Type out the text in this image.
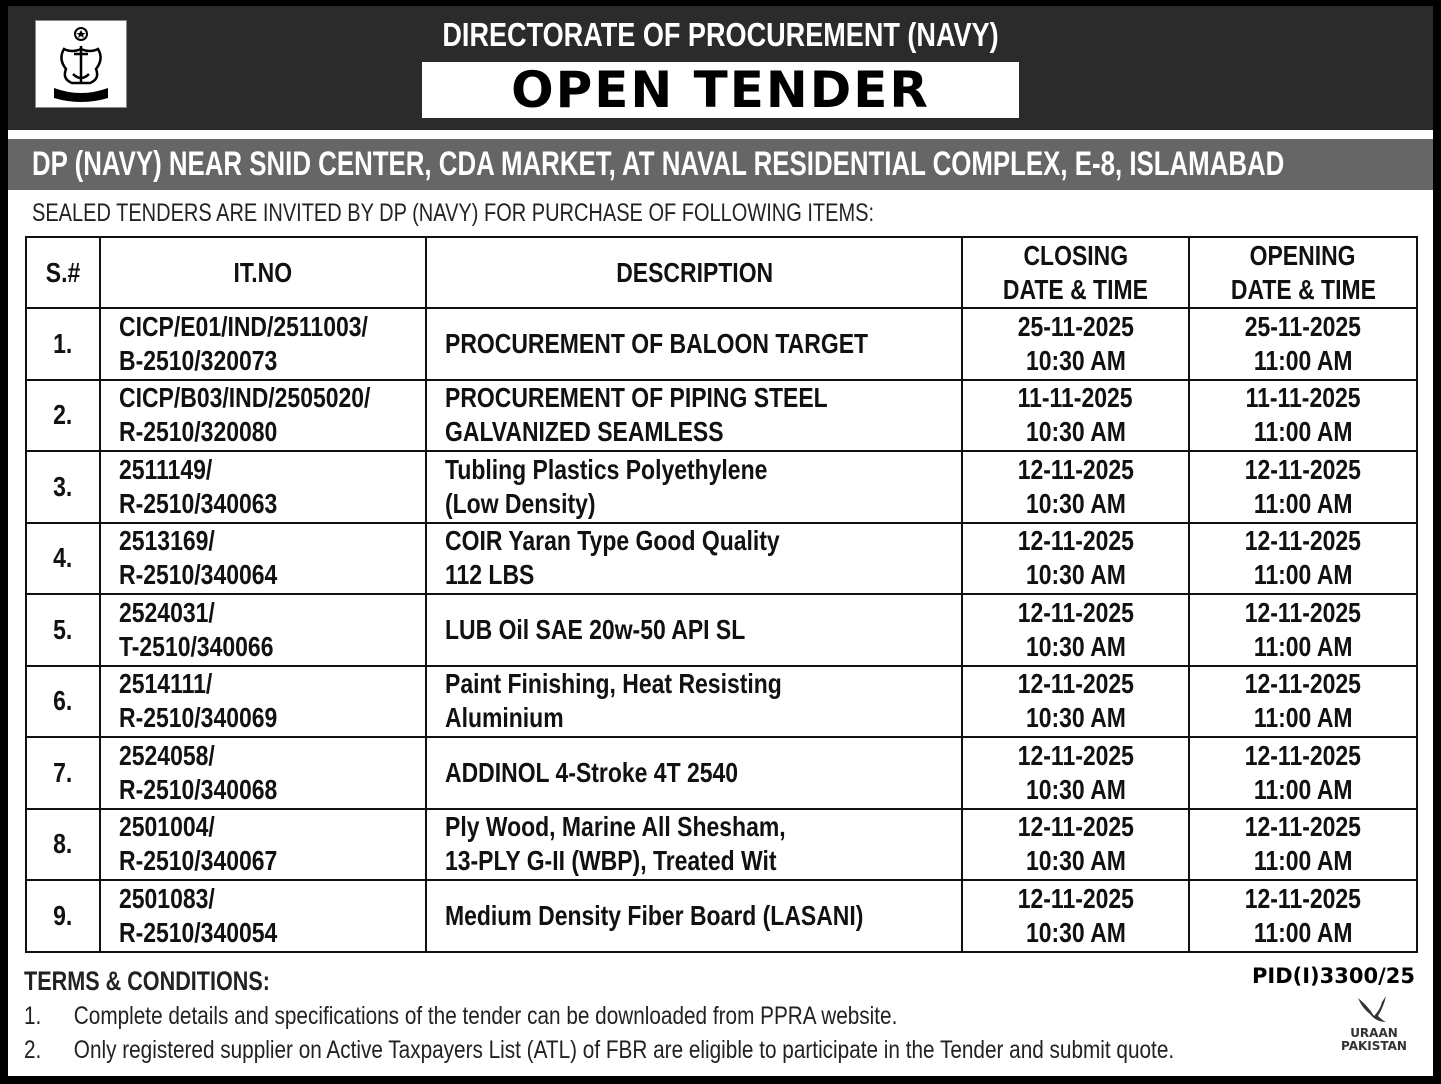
DIRECTORATE OF PROCUREMENT (NAVY)
OPEN TENDER
DP (NAVY) NEAR SNID CENTER, CDA MARKET, AT NAVAL RESIDENTIAL COMPLEX, E-8, ISLAMABAD
SEALED TENDERS ARE INVITED BY DP (NAVY) FOR PURCHASE OF FOLLOWING ITEMS:
S.#	IT.NO	DESCRIPTION	CLOSING
DATE & TIME	OPENING
DATE & TIME
1.	CICP/E01/IND/2511003/
B-2510/320073	PROCUREMENT OF BALOON TARGET	25-11-2025
10:30 AM	25-11-2025
11:00 AM
2.	CICP/B03/IND/2505020/
R-2510/320080	PROCUREMENT OF PIPING STEEL
GALVANIZED SEAMLESS	11-11-2025
10:30 AM	11-11-2025
11:00 AM
3.	2511149/
R-2510/340063	Tubling Plastics Polyethylene
(Low Density)	12-11-2025
10:30 AM	12-11-2025
11:00 AM
4.	2513169/
R-2510/340064	COIR Yaran Type Good Quality
112 LBS	12-11-2025
10:30 AM	12-11-2025
11:00 AM
5.	2524031/
T-2510/340066	LUB Oil SAE 20w-50 API SL	12-11-2025
10:30 AM	12-11-2025
11:00 AM
6.	2514111/
R-2510/340069	Paint Finishing, Heat Resisting
Aluminium	12-11-2025
10:30 AM	12-11-2025
11:00 AM
7.	2524058/
R-2510/340068	ADDINOL 4-Stroke 4T 2540	12-11-2025
10:30 AM	12-11-2025
11:00 AM
8.	2501004/
R-2510/340067	Ply Wood, Marine All Shesham,
13-PLY G-II (WBP), Treated Wit	12-11-2025
10:30 AM	12-11-2025
11:00 AM
9.	2501083/
R-2510/340054	Medium Density Fiber Board (LASANI)	12-11-2025
10:30 AM	12-11-2025
11:00 AM
TERMS & CONDITIONS:
1. Complete details and specifications of the tender can be downloaded from PPRA website.
2. Only registered supplier on Active Taxpayers List (ATL) of FBR are eligible to participate in the Tender and submit quote.
PID(I)3300/25
URAAN
PAKISTAN
